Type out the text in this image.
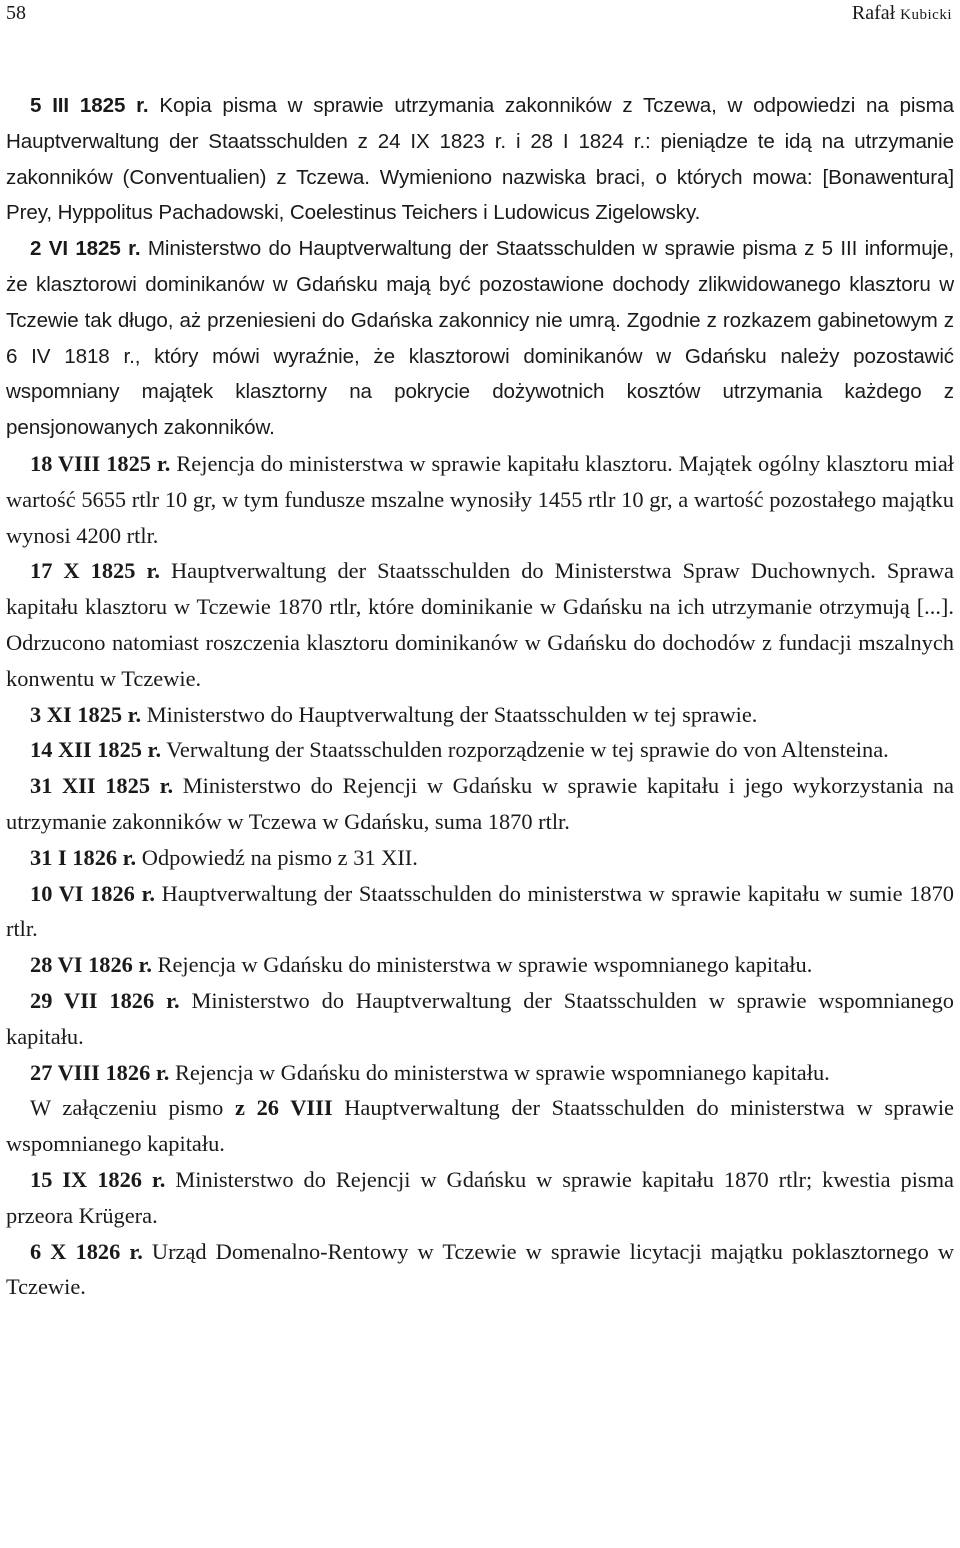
58	Rafał Kubicki

5 III 1825 r. Kopia pisma w sprawie utrzymania zakonników z Tczewa, w odpowiedzi na pisma Hauptverwaltung der Staatsschulden z 24 IX 1823 r. i 28 I 1824 r.: pieniądze te idą na utrzymanie zakonników (Conventualien) z Tczewa. Wymieniono nazwiska braci, o których mowa: [Bonawentura] Prey, Hyppolitus Pachadowski, Coelestinus Teichers i Ludowicus Zigelowsky.

2 VI 1825 r. Ministerstwo do Hauptverwaltung der Staatsschulden w sprawie pisma z 5 III informuje, że klasztorowi dominikanów w Gdańsku mają być pozostawione dochody zlikwidowanego klasztoru w Tczewie tak długo, aż przeniesieni do Gdańska zakonnicy nie umrą. Zgodnie z rozkazem gabinetowym z 6 IV 1818 r., który mówi wyraźnie, że klasztorowi dominikanów w Gdańsku należy pozostawić wspomniany majątek klasztorny na pokrycie dożywotnich kosztów utrzymania każdego z pensjonowanych zakonników.

18 VIII 1825 r. Rejencja do ministerstwa w sprawie kapitału klasztoru. Majątek ogólny klasztoru miał wartość 5655 rtlr 10 gr, w tym fundusze mszalne wynosiły 1455 rtlr 10 gr, a wartość pozostałego majątku wynosi 4200 rtlr.

17 X 1825 r. Hauptverwaltung der Staatsschulden do Ministerstwa Spraw Duchownych. Sprawa kapitału klasztoru w Tczewie 1870 rtlr, które dominikanie w Gdańsku na ich utrzymanie otrzymują [...]. Odrzucono natomiast roszczenia klasztoru dominikanów w Gdańsku do dochodów z fundacji mszalnych konwentu w Tczewie.

3 XI 1825 r. Ministerstwo do Hauptverwaltung der Staatsschulden w tej sprawie.

14 XII 1825 r. Verwaltung der Staatsschulden rozporządzenie w tej sprawie do von Altensteina.

31 XII 1825 r. Ministerstwo do Rejencji w Gdańsku w sprawie kapitału i jego wykorzystania na utrzymanie zakonników w Tczewa w Gdańsku, suma 1870 rtlr.

31 I 1826 r. Odpowiedź na pismo z 31 XII.

10 VI 1826 r. Hauptverwaltung der Staatsschulden do ministerstwa w sprawie kapitału w sumie 1870 rtlr.

28 VI 1826 r. Rejencja w Gdańsku do ministerstwa w sprawie wspomnianego kapitału.

29 VII 1826 r. Ministerstwo do Hauptverwaltung der Staatsschulden w sprawie wspomnianego kapitału.

27 VIII 1826 r. Rejencja w Gdańsku do ministerstwa w sprawie wspomnianego kapitału.

W załączeniu pismo z 26 VIII Hauptverwaltung der Staatsschulden do ministerstwa w sprawie wspomnianego kapitału.

15 IX 1826 r. Ministerstwo do Rejencji w Gdańsku w sprawie kapitału 1870 rtlr; kwestia pisma przeora Krügera.

6 X 1826 r. Urząd Domenalno-Rentowy w Tczewie w sprawie licytacji majątku poklasztornego w Tczewie.
